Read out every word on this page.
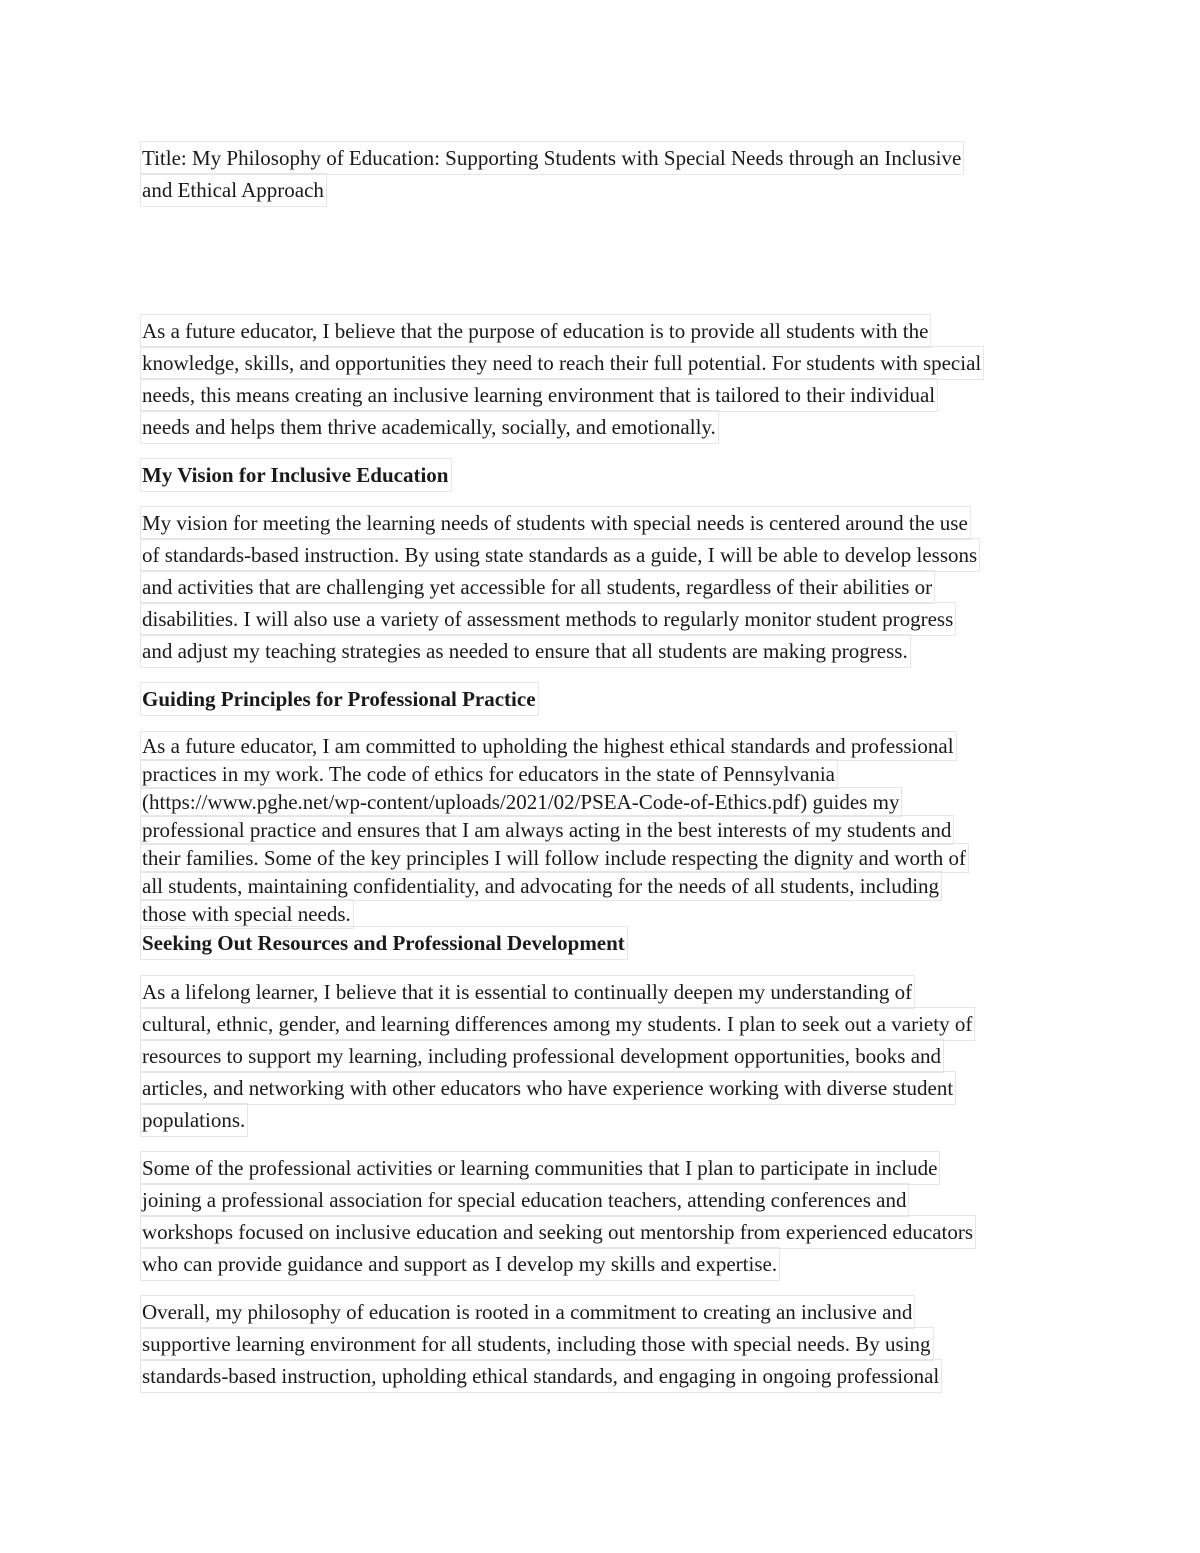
Title: My Philosophy of Education: Supporting Students with Special Needs through an Inclusive
and Ethical Approach
As a future educator, I believe that the purpose of education is to provide all students with the
knowledge, skills, and opportunities they need to reach their full potential. For students with special
needs, this means creating an inclusive learning environment that is tailored to their individual
needs and helps them thrive academically, socially, and emotionally.
My Vision for Inclusive Education
My vision for meeting the learning needs of students with special needs is centered around the use
of standards-based instruction. By using state standards as a guide, I will be able to develop lessons
and activities that are challenging yet accessible for all students, regardless of their abilities or
disabilities. I will also use a variety of assessment methods to regularly monitor student progress
and adjust my teaching strategies as needed to ensure that all students are making progress.
Guiding Principles for Professional Practice
As a future educator, I am committed to upholding the highest ethical standards and professional
practices in my work. The code of ethics for educators in the state of Pennsylvania
(https://www.pghe.net/wp-content/uploads/2021/02/PSEA-Code-of-Ethics.pdf) guides my
professional practice and ensures that I am always acting in the best interests of my students and
their families. Some of the key principles I will follow include respecting the dignity and worth of
all students, maintaining confidentiality, and advocating for the needs of all students, including
those with special needs.
Seeking Out Resources and Professional Development
As a lifelong learner, I believe that it is essential to continually deepen my understanding of
cultural, ethnic, gender, and learning differences among my students. I plan to seek out a variety of
resources to support my learning, including professional development opportunities, books and
articles, and networking with other educators who have experience working with diverse student
populations.
Some of the professional activities or learning communities that I plan to participate in include
joining a professional association for special education teachers, attending conferences and
workshops focused on inclusive education and seeking out mentorship from experienced educators
who can provide guidance and support as I develop my skills and expertise.
Overall, my philosophy of education is rooted in a commitment to creating an inclusive and
supportive learning environment for all students, including those with special needs. By using
standards-based instruction, upholding ethical standards, and engaging in ongoing professional
